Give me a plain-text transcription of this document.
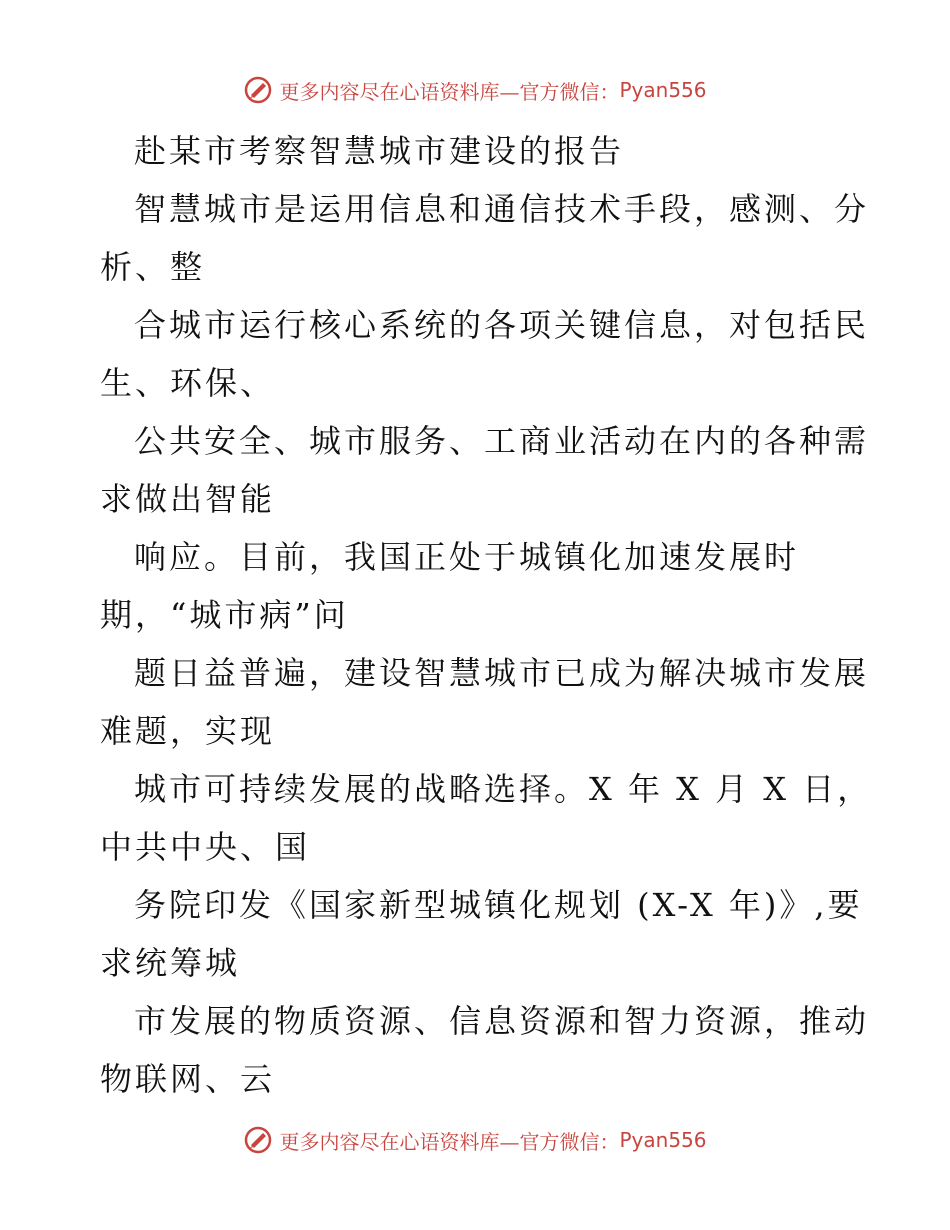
更多内容尽在心语资料库—官方微信： Pyan556

赴某市考察智慧城市建设的报告

智慧城市是运用信息和通信技术手段，感测、分

析、整

合城市运行核心系统的各项关键信息，对包括民

生、环保、

公共安全、城市服务、工商业活动在内的各种需

求做出智能

响应。目前，我国正处于城镇化加速发展时

期，“城市病”问

题日益普遍，建设智慧城市已成为解决城市发展

难题，实现

城市可持续发展的战略选择。X 年 X 月 X 日，

中共中央、国

务院印发《国家新型城镇化规划 (X-X 年)》,要

求统筹城

市发展的物质资源、信息资源和智力资源，推动

物联网、云

更多内容尽在心语资料库—官方微信： Pyan556
